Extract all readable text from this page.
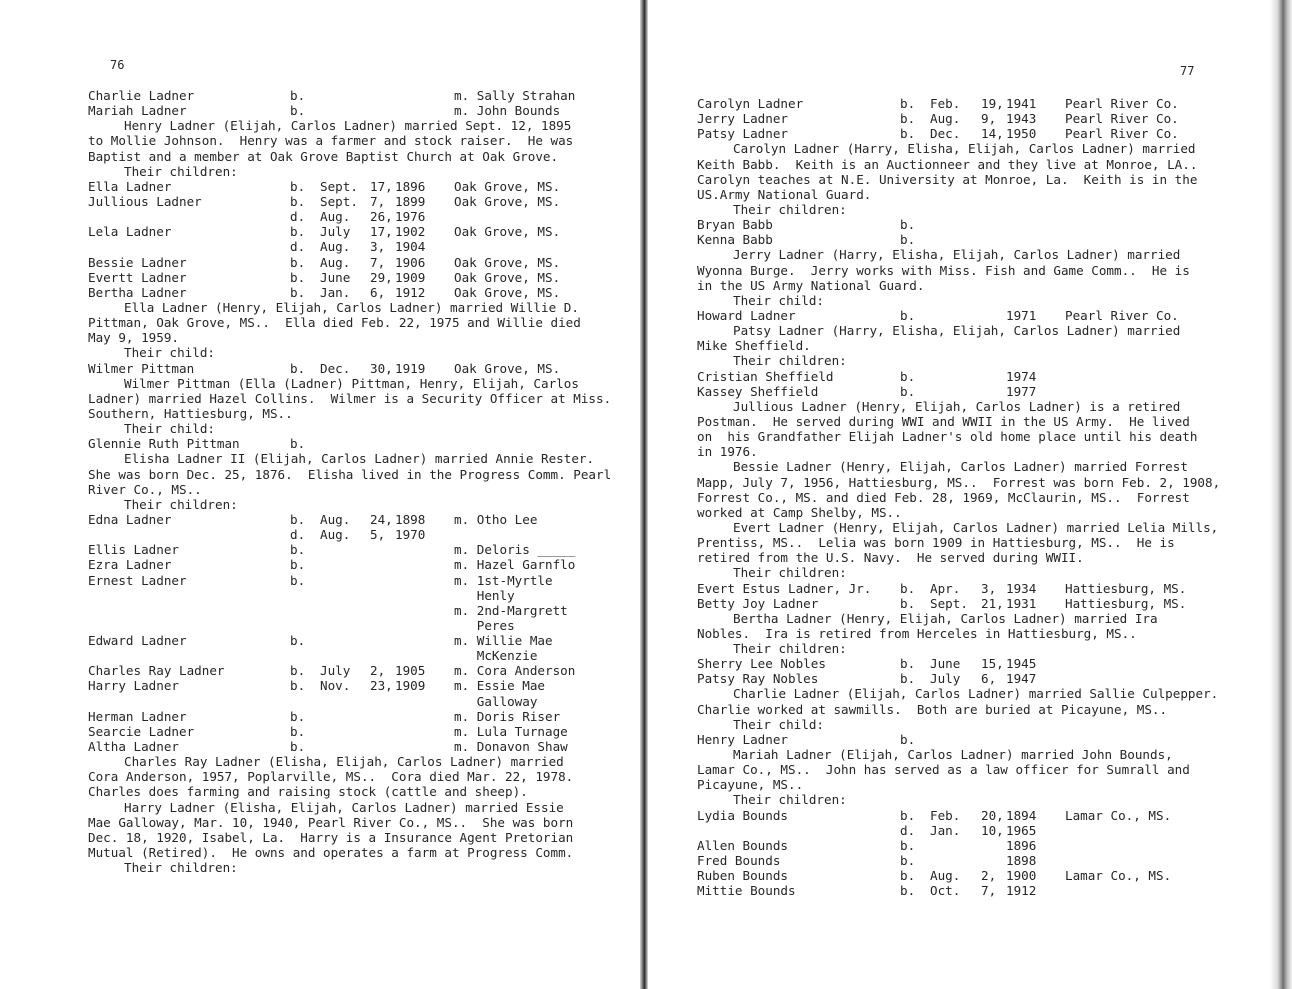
76
Charlie Ladner	b.	m. Sally Strahan
Mariah Ladner	b.	m. John Bounds
Henry Ladner (Elijah, Carlos Ladner) married Sept. 12, 1895
to Mollie Johnson.  Henry was a farmer and stock raiser.  He was
Baptist and a member at Oak Grove Baptist Church at Oak Grove.
Their children:
Ella Ladner	b. Sept. 17, 1896 Oak Grove, MS.
Jullious Ladner	b. Sept. 7, 1899 Oak Grove, MS.
d. Aug. 26, 1976
Lela Ladner	b. July 17, 1902 Oak Grove, MS.
d. Aug. 3, 1904
Bessie Ladner	b. Aug. 7, 1906 Oak Grove, MS.
Evertt Ladner	b. June 29, 1909 Oak Grove, MS.
Bertha Ladner	b. Jan. 6, 1912 Oak Grove, MS.
Ella Ladner (Henry, Elijah, Carlos Ladner) married Willie D.
Pittman, Oak Grove, MS..  Ella died Feb. 22, 1975 and Willie died
May 9, 1959.
Their child:
Wilmer Pittman	b. Dec. 30, 1919 Oak Grove, MS.
Wilmer Pittman (Ella (Ladner) Pittman, Henry, Elijah, Carlos
Ladner) married Hazel Collins.  Wilmer is a Security Officer at Miss.
Southern, Hattiesburg, MS..
Their child:
Glennie Ruth Pittman	b.
Elisha Ladner II (Elijah, Carlos Ladner) married Annie Rester.
She was born Dec. 25, 1876.  Elisha lived in the Progress Comm. Pearl
River Co., MS..
Their children:
Edna Ladner	b. Aug. 24, 1898 m. Otho Lee
d. Aug. 5, 1970
Ellis Ladner	b.	m. Deloris _____
Ezra Ladner	b.	m. Hazel Garnflo
Ernest Ladner	b.	m. 1st-Myrtle
Henly
m. 2nd-Margrett
Peres
Edward Ladner	b.	m. Willie Mae
McKenzie
Charles Ray Ladner	b. July 2, 1905 m. Cora Anderson
Harry Ladner	b. Nov. 23, 1909 m. Essie Mae
Galloway
Herman Ladner	b.	m. Doris Riser
Searcie Ladner	b.	m. Lula Turnage
Altha Ladner	b.	m. Donavon Shaw
Charles Ray Ladner (Elisha, Elijah, Carlos Ladner) married
Cora Anderson, 1957, Poplarville, MS..  Cora died Mar. 22, 1978.
Charles does farming and raising stock (cattle and sheep).
Harry Ladner (Elisha, Elijah, Carlos Ladner) married Essie
Mae Galloway, Mar. 10, 1940, Pearl River Co., MS..  She was born
Dec. 18, 1920, Isabel, La.  Harry is a Insurance Agent Pretorian
Mutual (Retired).  He owns and operates a farm at Progress Comm.
Their children:
77
Carolyn Ladner	b. Feb. 19, 1941 Pearl River Co.
Jerry Ladner	b. Aug. 9, 1943 Pearl River Co.
Patsy Ladner	b. Dec. 14, 1950 Pearl River Co.
Carolyn Ladner (Harry, Elisha, Elijah, Carlos Ladner) married
Keith Babb.  Keith is an Auctionneer and they live at Monroe, LA..
Carolyn teaches at N.E. University at Monroe, La.  Keith is in the
US.Army National Guard.
Their children:
Bryan Babb	b.
Kenna Babb	b.
Jerry Ladner (Harry, Elisha, Elijah, Carlos Ladner) married
Wyonna Burge.  Jerry works with Miss. Fish and Game Comm..  He is
in the US Army National Guard.
Their child:
Howard Ladner	b.	1971 Pearl River Co.
Patsy Ladner (Harry, Elisha, Elijah, Carlos Ladner) married
Mike Sheffield.
Their children:
Cristian Sheffield	b.	1974
Kassey Sheffield	b.	1977
Jullious Ladner (Henry, Elijah, Carlos Ladner) is a retired
Postman.  He served during WWI and WWII in the US Army.  He lived
on  his Grandfather Elijah Ladner's old home place until his death
in 1976.
Bessie Ladner (Henry, Elijah, Carlos Ladner) married Forrest
Mapp, July 7, 1956, Hattiesburg, MS..  Forrest was born Feb. 2, 1908,
Forrest Co., MS. and died Feb. 28, 1969, McClaurin, MS..  Forrest
worked at Camp Shelby, MS..
Evert Ladner (Henry, Elijah, Carlos Ladner) married Lelia Mills,
Prentiss, MS..  Lelia was born 1909 in Hattiesburg, MS..  He is
retired from the U.S. Navy.  He served during WWII.
Their children:
Evert Estus Ladner, Jr. b. Apr. 3, 1934 Hattiesburg, MS.
Betty Joy Ladner	b. Sept. 21, 1931 Hattiesburg, MS.
Bertha Ladner (Henry, Elijah, Carlos Ladner) married Ira
Nobles.  Ira is retired from Herceles in Hattiesburg, MS..
Their children:
Sherry Lee Nobles	b. June 15, 1945
Patsy Ray Nobles	b. July 6, 1947
Charlie Ladner (Elijah, Carlos Ladner) married Sallie Culpepper.
Charlie worked at sawmills.  Both are buried at Picayune, MS..
Their child:
Henry Ladner	b.
Mariah Ladner (Elijah, Carlos Ladner) married John Bounds,
Lamar Co., MS..  John has served as a law officer for Sumrall and
Picayune, MS..
Their children:
Lydia Bounds	b. Feb. 20, 1894 Lamar Co., MS.
d. Jan. 10, 1965
Allen Bounds	b.	1896
Fred Bounds	b.	1898
Ruben Bounds	b. Aug. 2, 1900 Lamar Co., MS.
Mittie Bounds	b. Oct. 7, 1912
